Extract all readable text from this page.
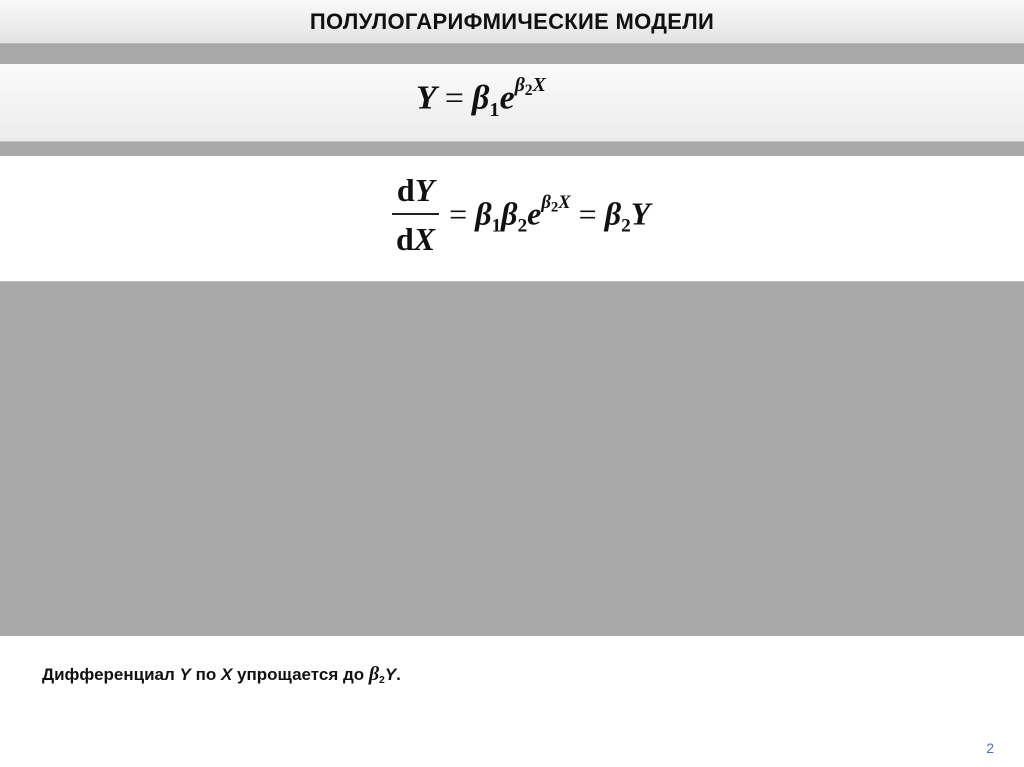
ПОЛУЛОГАРИФМИЧЕСКИЕ МОДЕЛИ
$Y = \beta_1e^{\beta_2X}$
$\frac{dY}{dX} = \beta_1\beta_2e^{\beta_2X} = \beta_2Y$
Дифференциал Y по X упрощается до $\beta_2Y$.
2
